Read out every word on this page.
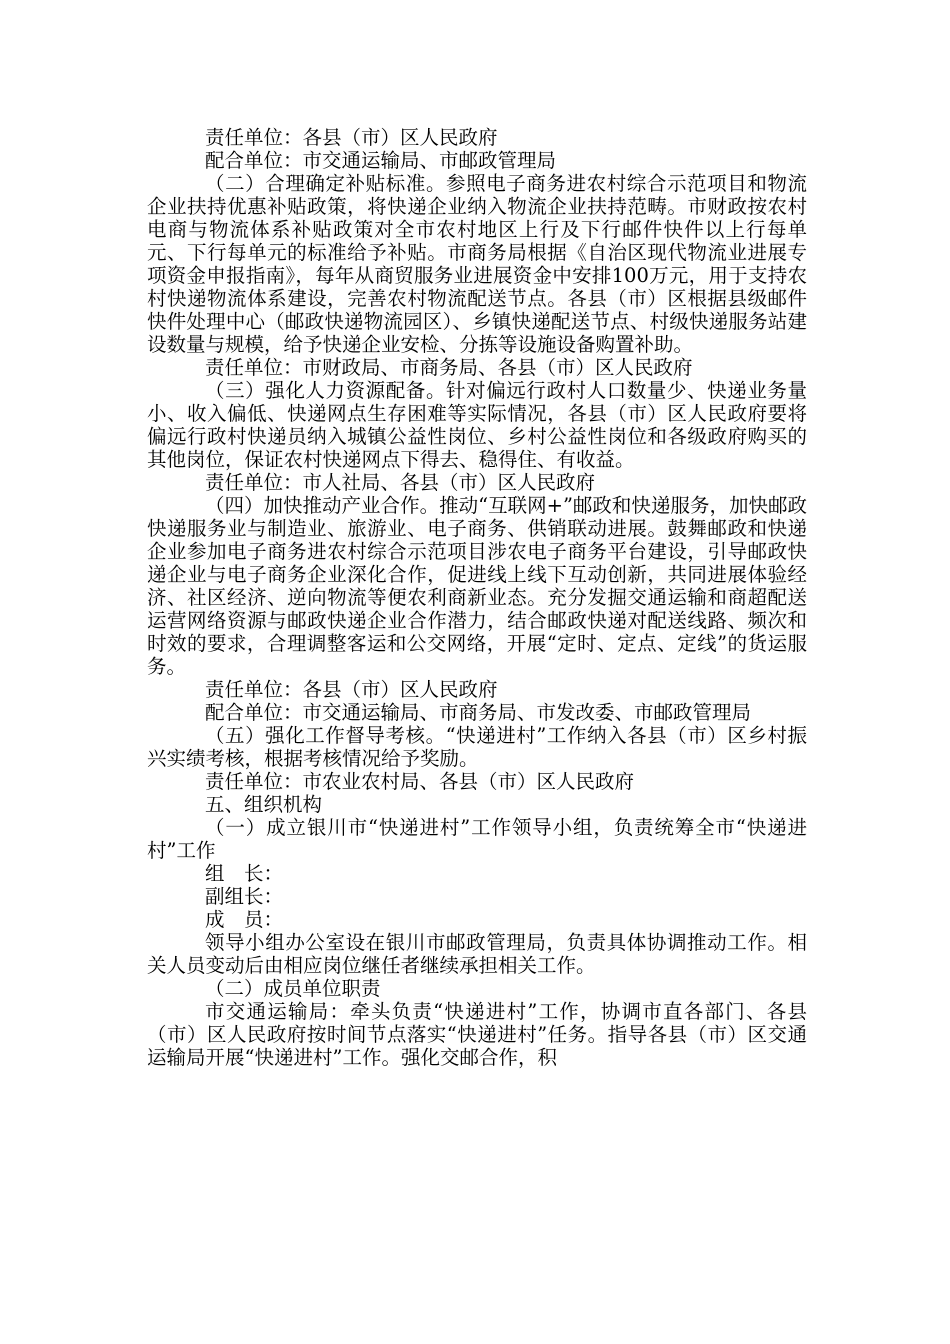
责任单位：各县（市）区人民政府

配合单位：市交通运输局、市邮政管理局

（二）合理确定补贴标准。参照电子商务进农村综合示范项目和物流企业扶持优惠补贴政策，将快递企业纳入物流企业扶持范畴。市财政按农村电商与物流体系补贴政策对全市农村地区上行及下行邮件快件以上行每单元、下行每单元的标准给予补贴。市商务局根据《自治区现代物流业进展专项资金申报指南》，每年从商贸服务业进展资金中安排100万元，用于支持农村快递物流体系建设，完善农村物流配送节点。各县（市）区根据县级邮件快件处理中心（邮政快递物流园区）、乡镇快递配送节点、村级快递服务站建设数量与规模，给予快递企业安检、分拣等设施设备购置补助。

责任单位：市财政局、市商务局、各县（市）区人民政府

（三）强化人力资源配备。针对偏远行政村人口数量少、快递业务量小、收入偏低、快递网点生存困难等实际情况，各县（市）区人民政府要将偏远行政村快递员纳入城镇公益性岗位、乡村公益性岗位和各级政府购买的其他岗位，保证农村快递网点下得去、稳得住、有收益。

责任单位：市人社局、各县（市）区人民政府

（四）加快推动产业合作。推动“互联网+”邮政和快递服务，加快邮政快递服务业与制造业、旅游业、电子商务、供销联动进展。鼓舞邮政和快递企业参加电子商务进农村综合示范项目涉农电子商务平台建设，引导邮政快递企业与电子商务企业深化合作，促进线上线下互动创新，共同进展体验经济、社区经济、逆向物流等便农利商新业态。充分发掘交通运输和商超配送运营网络资源与邮政快递企业合作潜力，结合邮政快递对配送线路、频次和时效的要求，合理调整客运和公交网络，开展“定时、定点、定线”的货运服务。

责任单位：各县（市）区人民政府

配合单位：市交通运输局、市商务局、市发改委、市邮政管理局

（五）强化工作督导考核。“快递进村”工作纳入各县（市）区乡村振兴实绩考核，根据考核情况给予奖励。

责任单位：市农业农村局、各县（市）区人民政府

五、组织机构

（一）成立银川市“快递进村”工作领导小组，负责统筹全市“快递进村”工作

组　长：

副组长：

成　员：

领导小组办公室设在银川市邮政管理局，负责具体协调推动工作。相关人员变动后由相应岗位继任者继续承担相关工作。

（二）成员单位职责

市交通运输局：牵头负责“快递进村”工作，协调市直各部门、各县（市）区人民政府按时间节点落实“快递进村”任务。指导各县（市）区交通运输局开展“快递进村”工作。强化交邮合作，积
